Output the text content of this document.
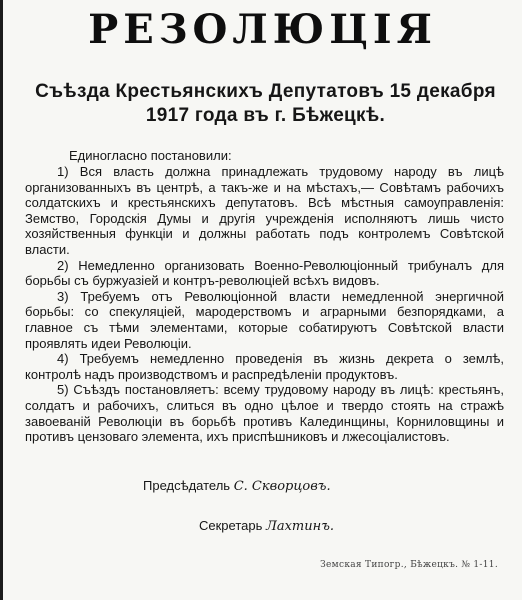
РЕЗОЛЮЦІЯ
Съѣзда Крестьянскихъ Депутатовъ 15 декабря 1917 года въ г. Бѣжецкѣ.
Единогласно постановили:

1) Вся власть должна принадлежать трудовому народу въ лицѣ организованныхъ въ центрѣ, а такъ-же и на мѣстахъ,— Совѣтамъ рабочихъ солдатскихъ и крестьянскихъ депутатовъ. Всѣ мѣстныя самоуправленія: Земство, Городскія Думы и другія учрежденія исполняютъ лишь чисто хозяйственныя функціи и должны работать подъ контролемъ Совѣтской власти.

2) Немедленно организовать Военно-Революціонный трибуналъ для борьбы съ буржуазіей и контръ-революціей всѣхъ видовъ.

3) Требуемъ отъ Революціонной власти немедленной энергичной борьбы: со спекуляціей, мародерствомъ и аграрными безпорядками, а главное съ тѣми элементами, которые собатируютъ Совѣтской власти проявлять идеи Революціи.

4) Требуемъ немедленно проведенія въ жизнь декрета о землѣ, контролѣ надъ производствомъ и распредѣленіи продуктовъ.

5) Съѣздъ постановляетъ: всему трудовому народу въ лицѣ: крестьянъ, солдатъ и рабочихъ, слиться въ одно цѣлое и твердо стоять на стражѣ завоеваній Революціи въ борьбѣ противъ Калединщины, Корниловщины и противъ цензоваго элемента, ихъ приспѣшниковъ и лжесоціалистовъ.

Предсѣдатель С. Скворцовъ.
Секретарь Лахтинъ.
Земская Типогр., Бѣжецкъ. № 1-11.
